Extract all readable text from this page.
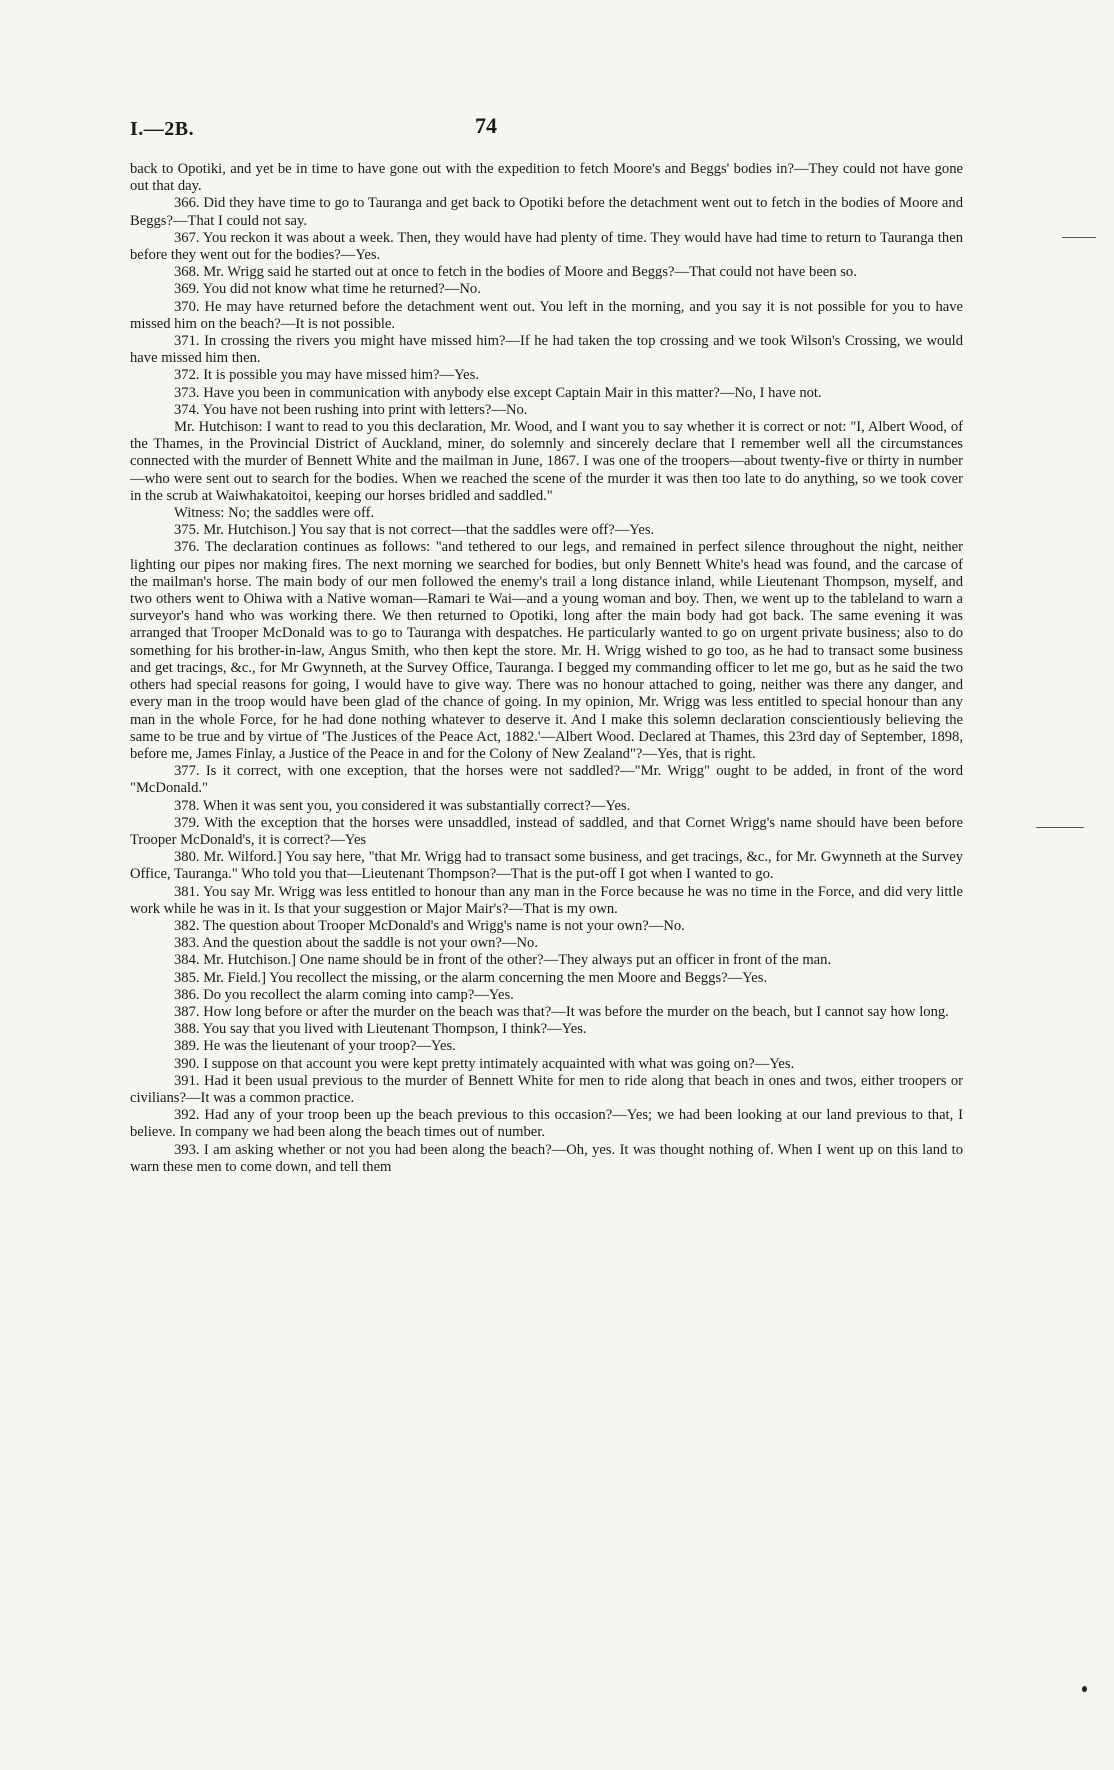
I.—2B.	74

back to Opotiki, and yet be in time to have gone out with the expedition to fetch Moore's and Beggs' bodies in?—They could not have gone out that day.

366. Did they have time to go to Tauranga and get back to Opotiki before the detachment went out to fetch in the bodies of Moore and Beggs?—That I could not say.

367. You reckon it was about a week. Then, they would have had plenty of time. They would have had time to return to Tauranga then before they went out for the bodies?—Yes.

368. Mr. Wrigg said he started out at once to fetch in the bodies of Moore and Beggs?—That could not have been so.

369. You did not know what time he returned?—No.

370. He may have returned before the detachment went out. You left in the morning, and you say it is not possible for you to have missed him on the beach?—It is not possible.

371. In crossing the rivers you might have missed him?—If he had taken the top crossing and we took Wilson's Crossing, we would have missed him then.

372. It is possible you may have missed him?—Yes.

373. Have you been in communication with anybody else except Captain Mair in this matter?—No, I have not.

374. You have not been rushing into print with letters?—No.

Mr. Hutchison: I want to read to you this declaration, Mr. Wood, and I want you to say whether it is correct or not: "I, Albert Wood, of the Thames, in the Provincial District of Auckland, miner, do solemnly and sincerely declare that I remember well all the circumstances connected with the murder of Bennett White and the mailman in June, 1867. I was one of the troopers—about twenty-five or thirty in number—who were sent out to search for the bodies. When we reached the scene of the murder it was then too late to do anything, so we took cover in the scrub at Waiwhakatoitoi, keeping our horses bridled and saddled."

Witness: No; the saddles were off.

375. Mr. Hutchison.] You say that is not correct—that the saddles were off?—Yes.

376. The declaration continues as follows: "and tethered to our legs, and remained in perfect silence throughout the night, neither lighting our pipes nor making fires. The next morning we searched for bodies, but only Bennett White's head was found, and the carcase of the mailman's horse. The main body of our men followed the enemy's trail a long distance inland, while Lieutenant Thompson, myself, and two others went to Ohiwa with a Native woman—Ramari te Wai—and a young woman and boy. Then, we went up to the tableland to warn a surveyor's hand who was working there. We then returned to Opotiki, long after the main body had got back. The same evening it was arranged that Trooper McDonald was to go to Tauranga with despatches. He particularly wanted to go on urgent private business; also to do something for his brother-in-law, Angus Smith, who then kept the store. Mr. H. Wrigg wished to go too, as he had to transact some business and get tracings, &c., for Mr Gwynneth, at the Survey Office, Tauranga. I begged my commanding officer to let me go, but as he said the two others had special reasons for going, I would have to give way. There was no honour attached to going, neither was there any danger, and every man in the troop would have been glad of the chance of going. In my opinion, Mr. Wrigg was less entitled to special honour than any man in the whole Force, for he had done nothing whatever to deserve it. And I make this solemn declaration conscientiously believing the same to be true and by virtue of 'The Justices of the Peace Act, 1882.'—Albert Wood. Declared at Thames, this 23rd day of September, 1898, before me, James Finlay, a Justice of the Peace in and for the Colony of New Zealand"?—Yes, that is right.

377. Is it correct, with one exception, that the horses were not saddled?—"Mr. Wrigg" ought to be added, in front of the word "McDonald."

378. When it was sent you, you considered it was substantially correct?—Yes.

379. With the exception that the horses were unsaddled, instead of saddled, and that Cornet Wrigg's name should have been before Trooper McDonald's, it is correct?—Yes

380. Mr. Wilford.] You say here, "that Mr. Wrigg had to transact some business, and get tracings, &c., for Mr. Gwynneth at the Survey Office, Tauranga." Who told you that—Lieutenant Thompson?—That is the put-off I got when I wanted to go.

381. You say Mr. Wrigg was less entitled to honour than any man in the Force because he was no time in the Force, and did very little work while he was in it. Is that your suggestion or Major Mair's?—That is my own.

382. The question about Trooper McDonald's and Wrigg's name is not your own?—No.

383. And the question about the saddle is not your own?—No.

384. Mr. Hutchison.] One name should be in front of the other?—They always put an officer in front of the man.

385. Mr. Field.] You recollect the missing, or the alarm concerning the men Moore and Beggs?—Yes.

386. Do you recollect the alarm coming into camp?—Yes.

387. How long before or after the murder on the beach was that?—It was before the murder on the beach, but I cannot say how long.

388. You say that you lived with Lieutenant Thompson, I think?—Yes.

389. He was the lieutenant of your troop?—Yes.

390. I suppose on that account you were kept pretty intimately acquainted with what was going on?—Yes.

391. Had it been usual previous to the murder of Bennett White for men to ride along that beach in ones and twos, either troopers or civilians?—It was a common practice.

392. Had any of your troop been up the beach previous to this occasion?—Yes; we had been looking at our land previous to that, I believe. In company we had been along the beach times out of number.

393. I am asking whether or not you had been along the beach?—Oh, yes. It was thought nothing of. When I went up on this land to warn these men to come down, and tell them
